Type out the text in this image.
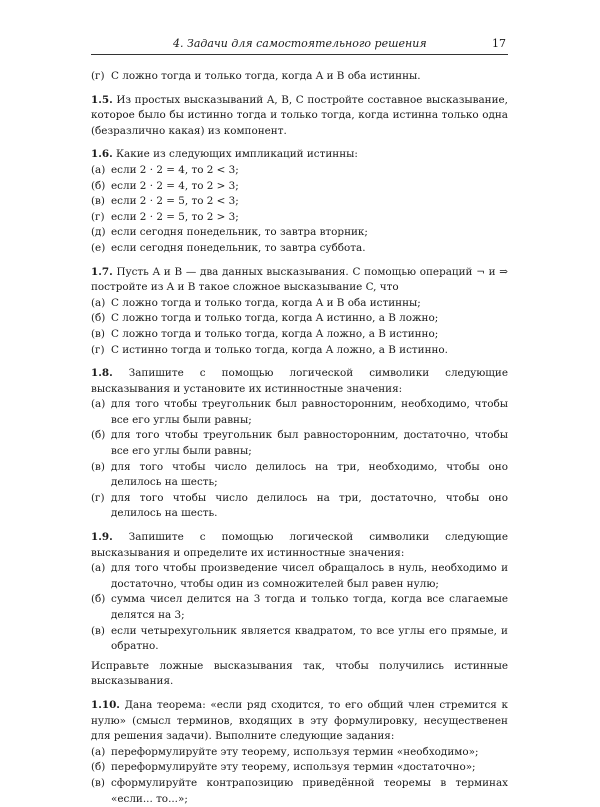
4. Задачи для самостоятельного решения	17
(г) C ложно тогда и только тогда, когда A и B оба истинны.

1.5. Из простых высказываний A, B, C постройте составное высказывание, которое было бы истинно тогда и только тогда, когда истинна только одна (безразлично какая) из компонент.

1.6. Какие из следующих импликаций истинны:

(а) если 2 · 2 = 4, то 2 < 3;
(б) если 2 · 2 = 4, то 2 > 3;
(в) если 2 · 2 = 5, то 2 < 3;
(г) если 2 · 2 = 5, то 2 > 3;
(д) если сегодня понедельник, то завтра вторник;
(е) если сегодня понедельник, то завтра суббота.

1.7. Пусть A и B — два данных высказывания. С помощью операций ¬ и ⇒ постройте из A и B такое сложное высказывание C, что

(а) C ложно тогда и только тогда, когда A и B оба истинны;
(б) C ложно тогда и только тогда, когда A истинно, а B ложно;
(в) C ложно тогда и только тогда, когда A ложно, а B истинно;
(г) C истинно тогда и только тогда, когда A ложно, а B истинно.

1.8. Запишите с помощью логической символики следующие высказывания и установите их истинностные значения:

(а) для того чтобы треугольник был равносторонним, необходимо, чтобы все его углы были равны;
(б) для того чтобы треугольник был равносторонним, достаточно, чтобы все его углы были равны;
(в) для того чтобы число делилось на три, необходимо, чтобы оно делилось на шесть;
(г) для того чтобы число делилось на три, достаточно, чтобы оно делилось на шесть.

1.9. Запишите с помощью логической символики следующие высказывания и определите их истинностные значения:

(а) для того чтобы произведение чисел обращалось в нуль, необходимо и достаточно, чтобы один из сомножителей был равен нулю;
(б) сумма чисел делится на 3 тогда и только тогда, когда все слагаемые делятся на 3;
(в) если четырехугольник является квадратом, то все углы его прямые, и обратно.

Исправьте ложные высказывания так, чтобы получились истинные высказывания.

1.10. Дана теорема: «если ряд сходится, то его общий член стремится к нулю» (смысл терминов, входящих в эту формулировку, несущественен для решения задачи). Выполните следующие задания:

(а) переформулируйте эту теорему, используя термин «необходимо»;
(б) переформулируйте эту теорему, используя термин «достаточно»;
(в) сформулируйте контрапозицию приведённой теоремы в терминах «если... то...»;
